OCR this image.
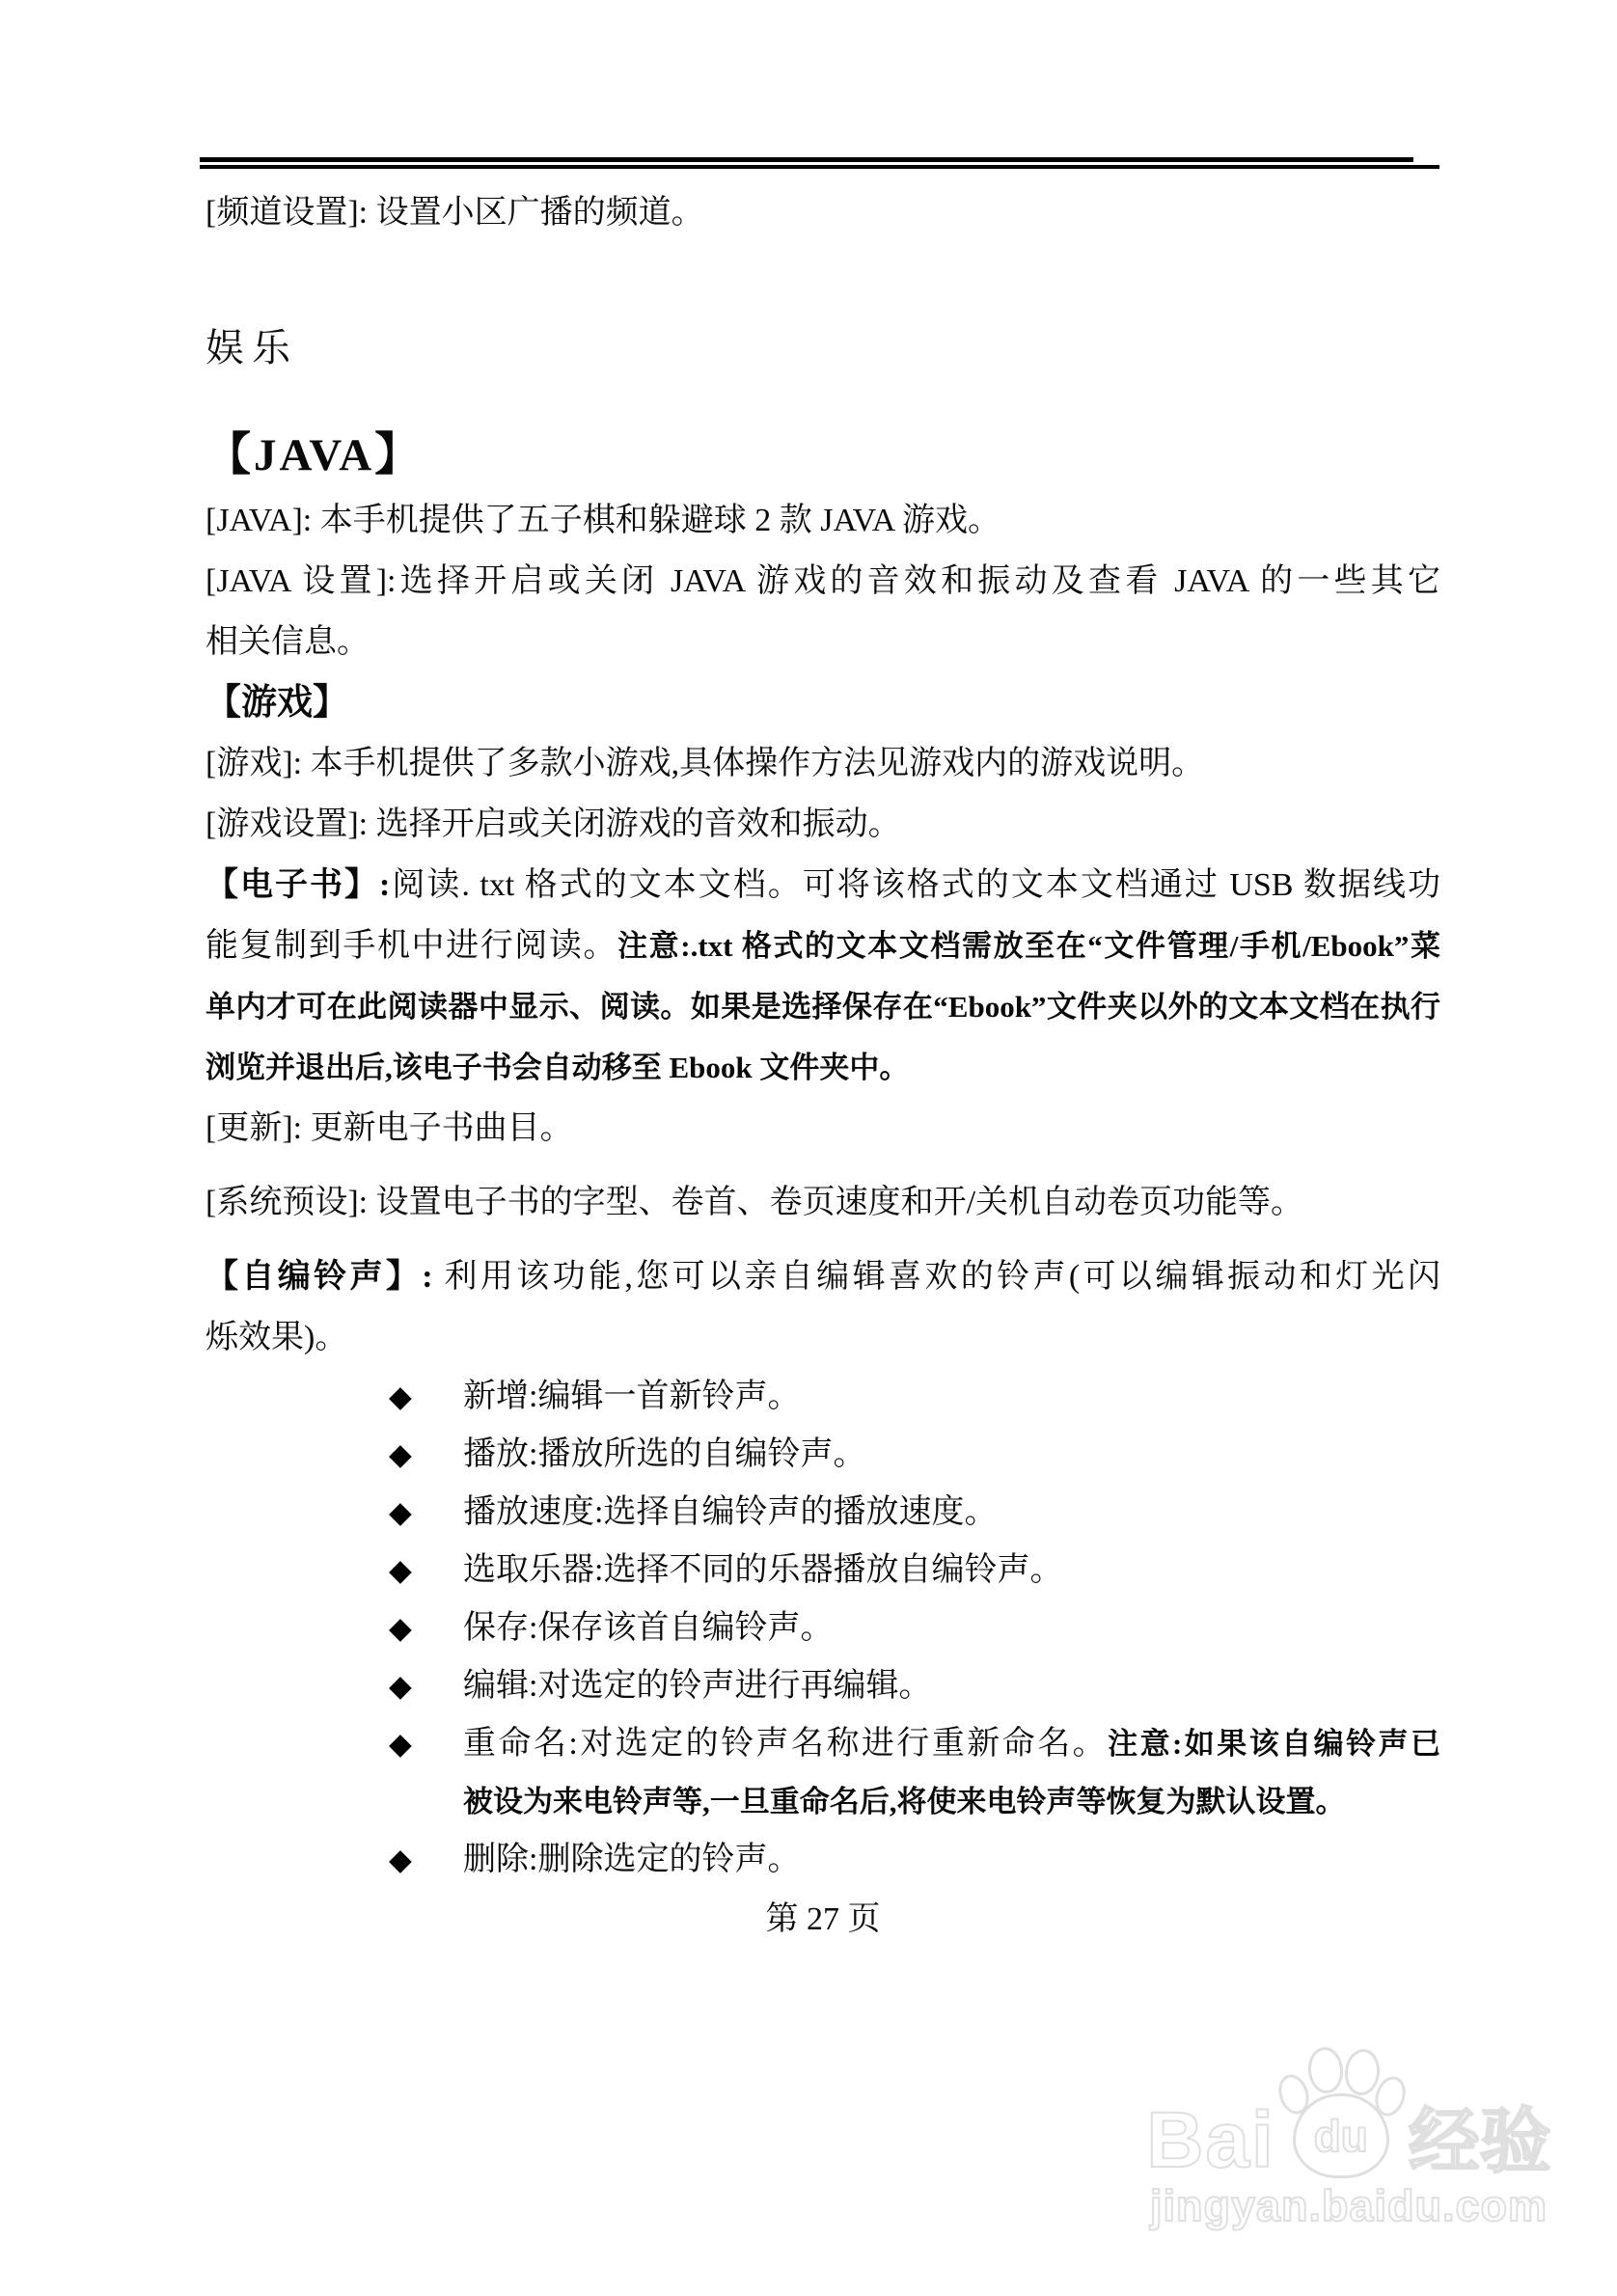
[频道设置]: 设置小区广播的频道。
娱乐
【JAVA】
[JAVA]: 本手机提供了五子棋和躲避球 2 款 JAVA 游戏。
[JAVA 设置]:选择开启或关闭 JAVA 游戏的音效和振动及查看 JAVA 的一些其它
相关信息。
【游戏】
[游戏]: 本手机提供了多款小游戏,具体操作方法见游戏内的游戏说明。
[游戏设置]: 选择开启或关闭游戏的音效和振动。
【电子书】:阅读. txt 格式的文本文档。可将该格式的文本文档通过 USB 数据线功
能复制到手机中进行阅读。注意:.txt 格式的文本文档需放至在“文件管理/手机/Ebook”菜
单内才可在此阅读器中显示、阅读。如果是选择保存在“Ebook”文件夹以外的文本文档在执行
浏览并退出后,该电子书会自动移至 Ebook 文件夹中。
[更新]: 更新电子书曲目。
[系统预设]: 设置电子书的字型、卷首、卷页速度和开/关机自动卷页功能等。
【自编铃声】: 利用该功能,您可以亲自编辑喜欢的铃声(可以编辑振动和灯光闪
烁效果)。
◆ 新增:编辑一首新铃声。
◆ 播放:播放所选的自编铃声。
◆ 播放速度:选择自编铃声的播放速度。
◆ 选取乐器:选择不同的乐器播放自编铃声。
◆ 保存:保存该首自编铃声。
◆ 编辑:对选定的铃声进行再编辑。
◆ 重命名:对选定的铃声名称进行重新命名。注意:如果该自编铃声已
被设为来电铃声等,一旦重命名后,将使来电铃声等恢复为默认设置。
◆ 删除:删除选定的铃声。
第 27 页
Bai du 经验
jingyan.baidu.com
